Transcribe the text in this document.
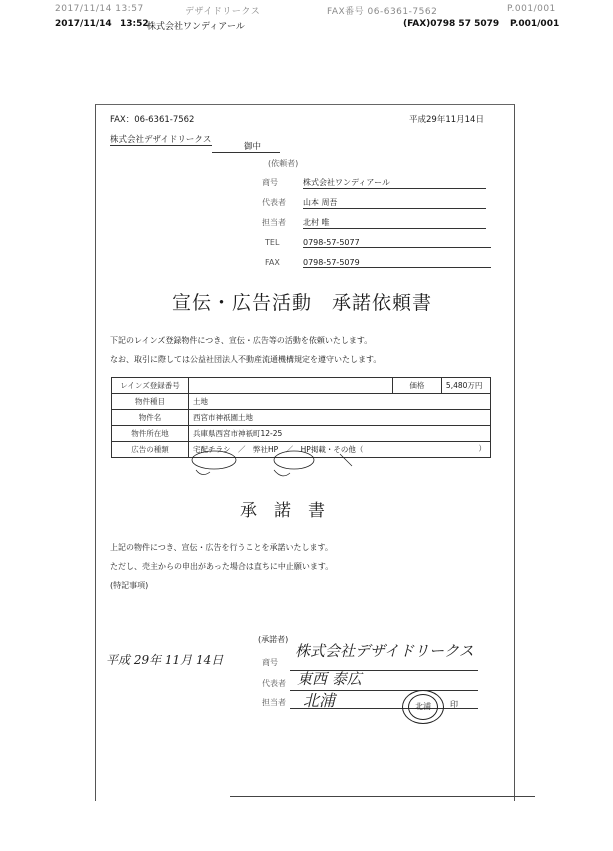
2017/11/14 13:57	デザイドリークス	FAX番号 06-6361-7562	P.001/001
2017/11/14 13:52
株式会社ワンディアール	(FAX)0798 57 5079 P.001/001
FAX：06-6361-7562	平成29年11月14日
株式会社デザイドリークス
御中
(依頼者)
商号	株式会社ワンディアール
代表者 山本 周吾
担当者 北村 唯
TEL	0798-57-5077
FAX	0798-57-5079
宣伝・広告活動　承諾依頼書
下記のレインズ登録物件につき、宣伝・広告等の活動を依頼いたします。
なお、取引に際しては公益社団法人不動産流通機構規定を遵守いたします。
レインズ登録番号		価格	5,480万円
物件種目	土地		
物件名	西宮市神祇園土地		
物件所在地	兵庫県西宮市神祇町12-25		
広告の種類	宅配チラシ　／　弊社HP　／　HP掲載・その他（ ）		
承　諾　書
上記の物件につき、宣伝・広告を行うことを承諾いたします。
ただし、売主からの申出があった場合は直ちに中止願います。
(特記事項)
(承諾者)
平成 29年 11月 14日	商号
株式会社デザイドリークス
代表者 東西 泰広
担当者 北浦	北浦	印
